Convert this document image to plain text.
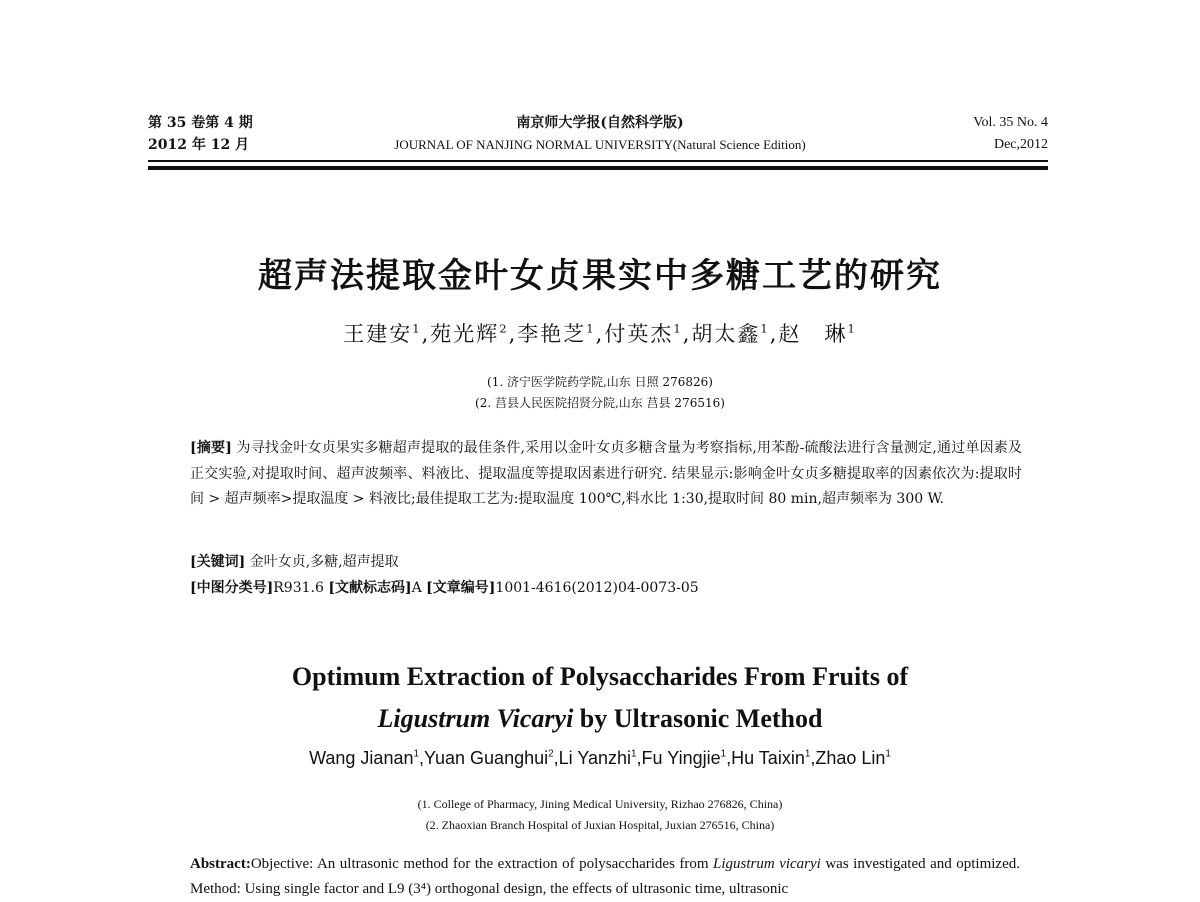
第 35 卷第 4 期
2012 年 12 月
南京师大学报(自然科学版)
JOURNAL OF NANJING NORMAL UNIVERSITY(Natural Science Edition)
Vol. 35 No. 4
Dec,2012
超声法提取金叶女贞果实中多糖工艺的研究
王建安$^1$,苑光辉$^2$,李艳芝$^1$,付英杰$^1$,胡太鑫$^1$,赵　琳$^1$
(1. 济宁医学院药学院,山东 日照 276826)
(2. 莒县人民医院招贤分院,山东 莒县 276516)
[摘要] 为寻找金叶女贞果实多糖超声提取的最佳条件,采用以金叶女贞多糖含量为考察指标,用苯酚-硫酸法进行含量测定,通过单因素及正交实验,对提取时间、超声波频率、料液比、提取温度等提取因素进行研究. 结果显示:影响金叶女贞多糖提取率的因素依次为:提取时间 > 超声频率>提取温度 > 料液比;最佳提取工艺为:提取温度 100℃,料水比 1:30,提取时间 80 min,超声频率为 300 W.
[关键词] 金叶女贞,多糖,超声提取
[中图分类号]R931.6 [文献标志码]A [文章编号]1001-4616(2012)04-0073-05
Optimum Extraction of Polysaccharides From Fruits of
Ligustrum Vicaryi by Ultrasonic Method
Wang Jianan$^1$,Yuan Guanghui$^2$,Li Yanzhi$^1$,Fu Yingjie$^1$,Hu Taixin$^1$,Zhao Lin$^1$
(1. College of Pharmacy, Jining Medical University, Rizhao 276826, China)
(2. Zhaoxian Branch Hospital of Juxian Hospital, Juxian 276516, China)
Abstract:Objective: An ultrasonic method for the extraction of polysaccharides from Ligustrum vicaryi was investigated and optimized. Method: Using single factor and L9 (3⁴) orthogonal design, the effects of ultrasonic time, ultrasonic
